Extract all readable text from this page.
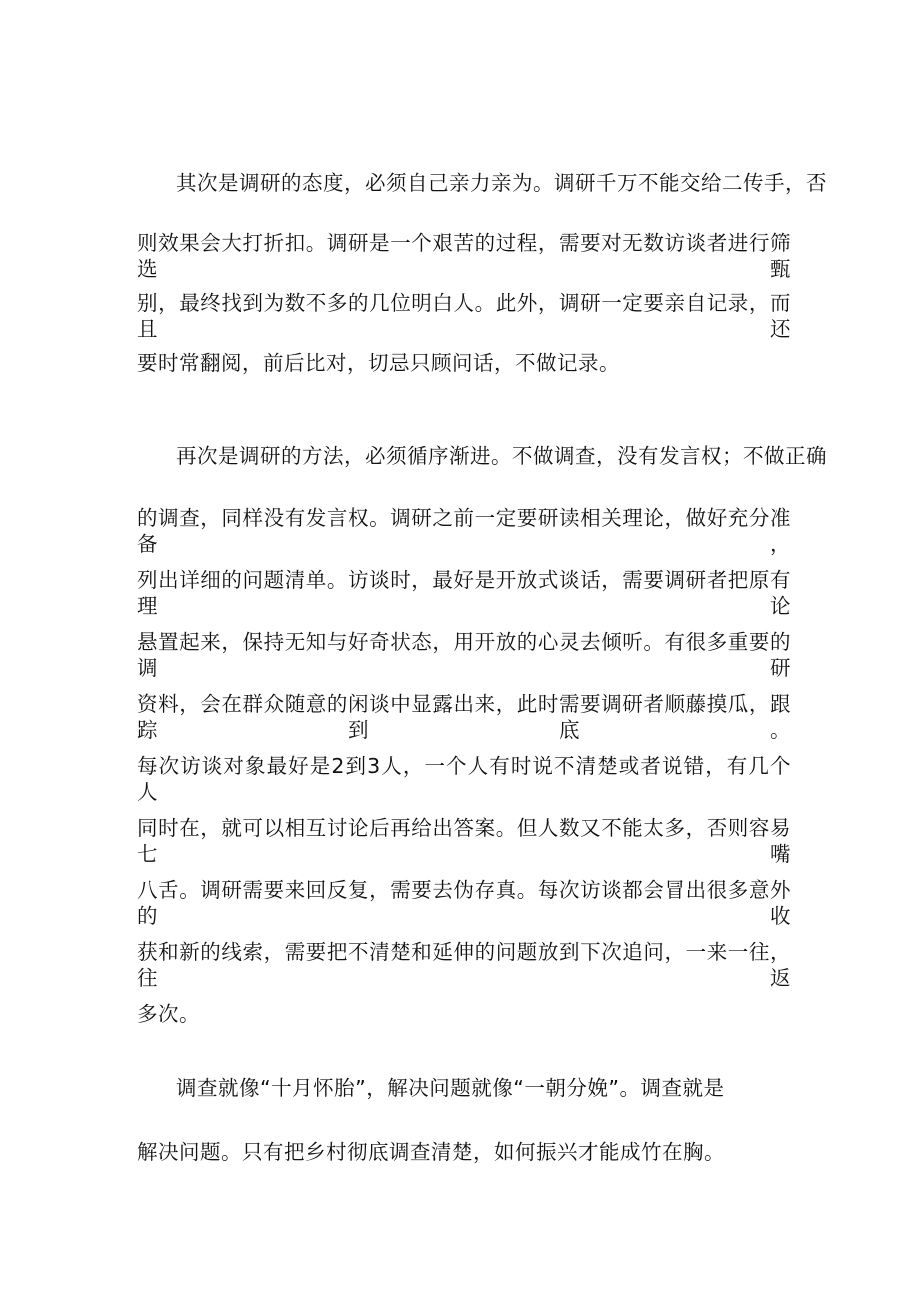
其次是调研的态度，必须自己亲力亲为。调研千万不能交给二传手，否
则效果会大打折扣。调研是一个艰苦的过程，需要对无数访谈者进行筛选甄
别，最终找到为数不多的几位明白人。此外，调研一定要亲自记录，而且还
要时常翻阅，前后比对，切忌只顾问话，不做记录。
再次是调研的方法，必须循序渐进。不做调查，没有发言权；不做正确
的调查，同样没有发言权。调研之前一定要研读相关理论，做好充分准备，
列出详细的问题清单。访谈时，最好是开放式谈话，需要调研者把原有理论
悬置起来，保持无知与好奇状态，用开放的心灵去倾听。有很多重要的调研
资料，会在群众随意的闲谈中显露出来，此时需要调研者顺藤摸瓜，跟踪到底。
每次访谈对象最好是2到3人，一个人有时说不清楚或者说错，有几个人
同时在，就可以相互讨论后再给出答案。但人数又不能太多，否则容易七嘴
八舌。调研需要来回反复，需要去伪存真。每次访谈都会冒出很多意外的收
获和新的线索，需要把不清楚和延伸的问题放到下次追问，一来一往，往返
多次。
调查就像“十月怀胎”，解决问题就像“一朝分娩”。调查就是
解决问题。只有把乡村彻底调查清楚，如何振兴才能成竹在胸。
